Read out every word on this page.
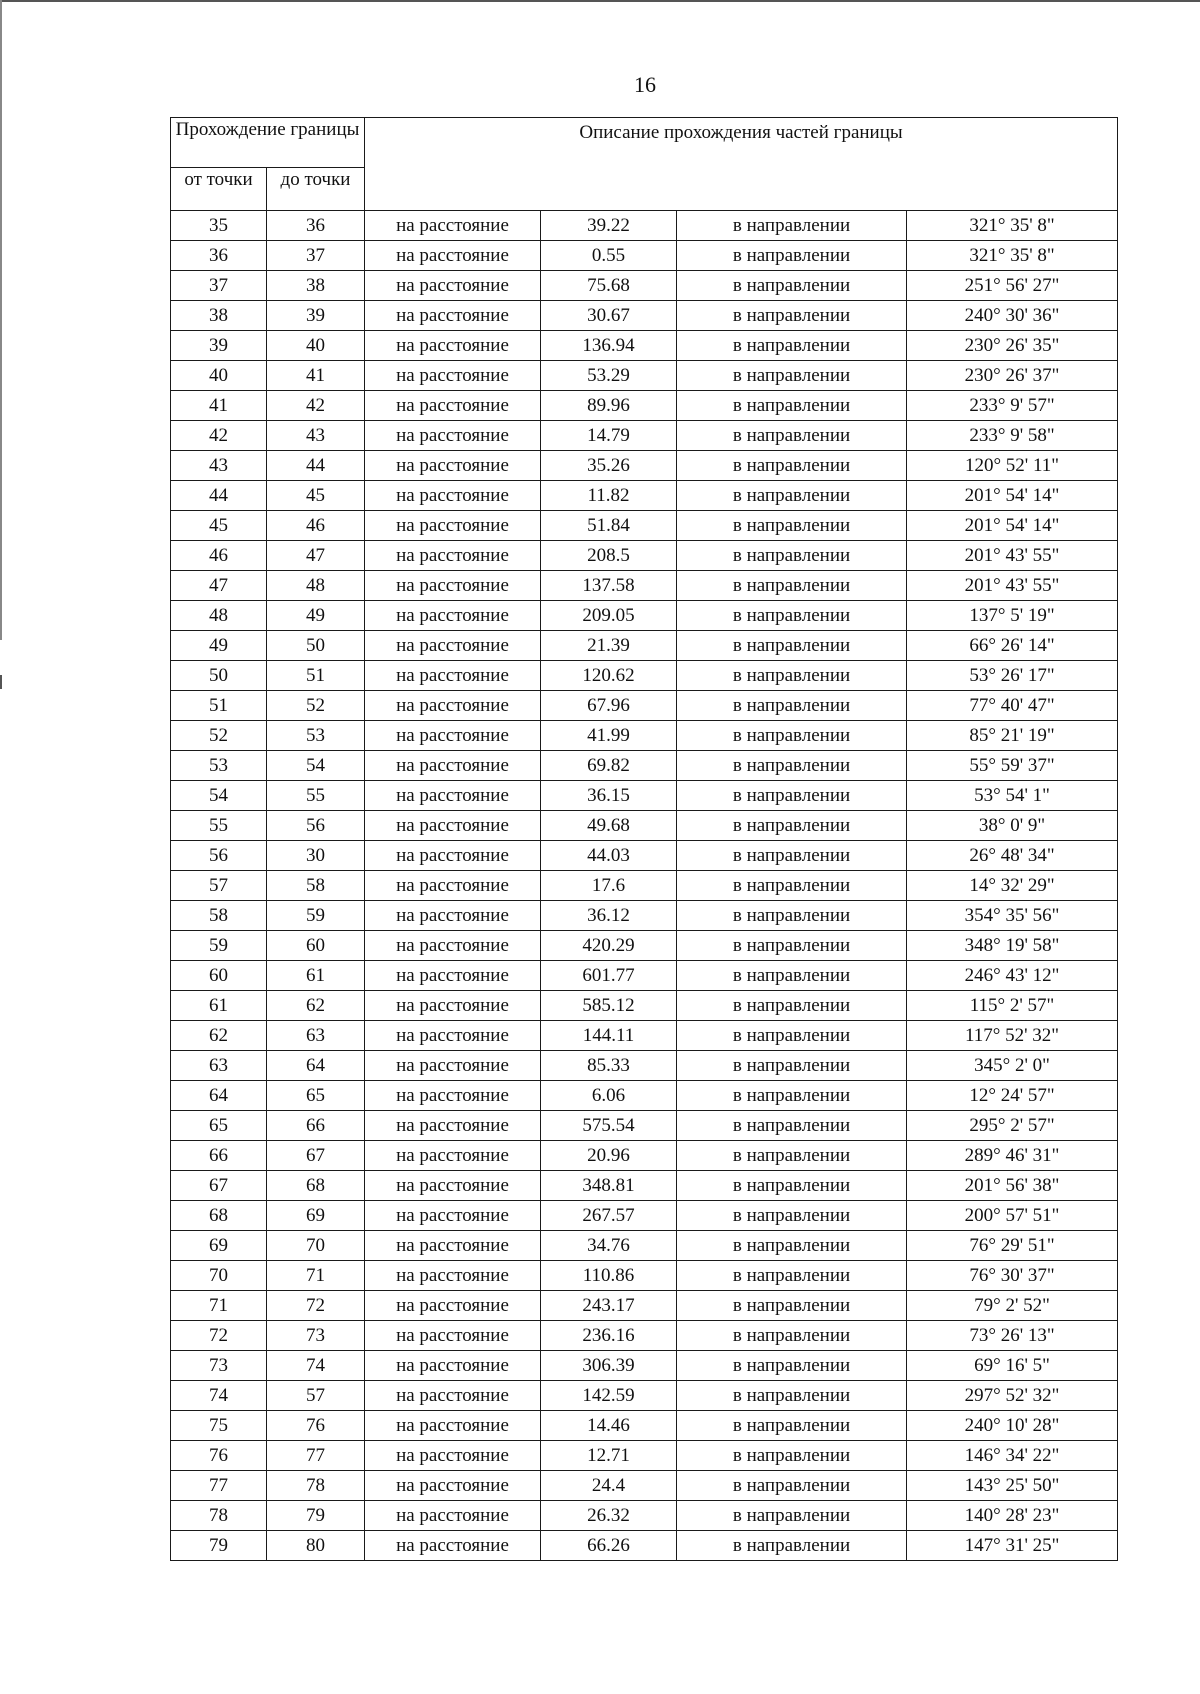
16
Прохождение границы		Описание прохождения частей границы			
от точки	до точки				
35	36	на расстояние	39.22	в направлении	321° 35' 8"
36	37	на расстояние	0.55	в направлении	321° 35' 8"
37	38	на расстояние	75.68	в направлении	251° 56' 27"
38	39	на расстояние	30.67	в направлении	240° 30' 36"
39	40	на расстояние	136.94	в направлении	230° 26' 35"
40	41	на расстояние	53.29	в направлении	230° 26' 37"
41	42	на расстояние	89.96	в направлении	233° 9' 57"
42	43	на расстояние	14.79	в направлении	233° 9' 58"
43	44	на расстояние	35.26	в направлении	120° 52' 11"
44	45	на расстояние	11.82	в направлении	201° 54' 14"
45	46	на расстояние	51.84	в направлении	201° 54' 14"
46	47	на расстояние	208.5	в направлении	201° 43' 55"
47	48	на расстояние	137.58	в направлении	201° 43' 55"
48	49	на расстояние	209.05	в направлении	137° 5' 19"
49	50	на расстояние	21.39	в направлении	66° 26' 14"
50	51	на расстояние	120.62	в направлении	53° 26' 17"
51	52	на расстояние	67.96	в направлении	77° 40' 47"
52	53	на расстояние	41.99	в направлении	85° 21' 19"
53	54	на расстояние	69.82	в направлении	55° 59' 37"
54	55	на расстояние	36.15	в направлении	53° 54' 1"
55	56	на расстояние	49.68	в направлении	38° 0' 9"
56	30	на расстояние	44.03	в направлении	26° 48' 34"
57	58	на расстояние	17.6	в направлении	14° 32' 29"
58	59	на расстояние	36.12	в направлении	354° 35' 56"
59	60	на расстояние	420.29	в направлении	348° 19' 58"
60	61	на расстояние	601.77	в направлении	246° 43' 12"
61	62	на расстояние	585.12	в направлении	115° 2' 57"
62	63	на расстояние	144.11	в направлении	117° 52' 32"
63	64	на расстояние	85.33	в направлении	345° 2' 0"
64	65	на расстояние	6.06	в направлении	12° 24' 57"
65	66	на расстояние	575.54	в направлении	295° 2' 57"
66	67	на расстояние	20.96	в направлении	289° 46' 31"
67	68	на расстояние	348.81	в направлении	201° 56' 38"
68	69	на расстояние	267.57	в направлении	200° 57' 51"
69	70	на расстояние	34.76	в направлении	76° 29' 51"
70	71	на расстояние	110.86	в направлении	76° 30' 37"
71	72	на расстояние	243.17	в направлении	79° 2' 52"
72	73	на расстояние	236.16	в направлении	73° 26' 13"
73	74	на расстояние	306.39	в направлении	69° 16' 5"
74	57	на расстояние	142.59	в направлении	297° 52' 32"
75	76	на расстояние	14.46	в направлении	240° 10' 28"
76	77	на расстояние	12.71	в направлении	146° 34' 22"
77	78	на расстояние	24.4	в направлении	143° 25' 50"
78	79	на расстояние	26.32	в направлении	140° 28' 23"
79	80	на расстояние	66.26	в направлении	147° 31' 25"
